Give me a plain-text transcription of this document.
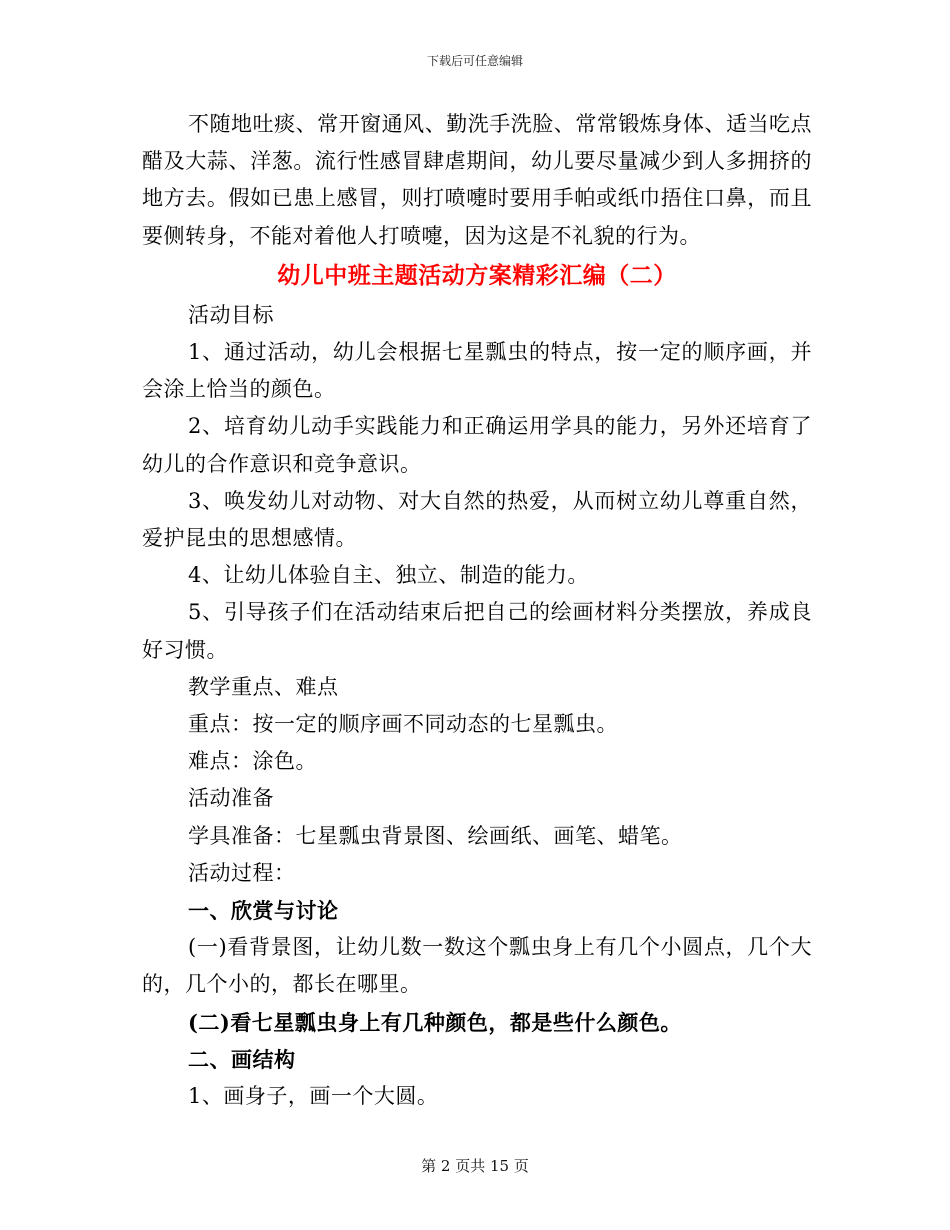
下载后可任意编辑

不随地吐痰、常开窗通风、勤洗手洗脸、常常锻炼身体、适当吃点醋及大蒜、洋葱。流行性感冒肆虐期间，幼儿要尽量减少到人多拥挤的地方去。假如已患上感冒，则打喷嚏时要用手帕或纸巾捂住口鼻，而且要侧转身，不能对着他人打喷嚏，因为这是不礼貌的行为。

幼儿中班主题活动方案精彩汇编（二）

活动目标

1、通过活动，幼儿会根据七星瓢虫的特点，按一定的顺序画，并会涂上恰当的颜色。

2、培育幼儿动手实践能力和正确运用学具的能力，另外还培育了幼儿的合作意识和竞争意识。

3、唤发幼儿对动物、对大自然的热爱，从而树立幼儿尊重自然，爱护昆虫的思想感情。

4、让幼儿体验自主、独立、制造的能力。

5、引导孩子们在活动结束后把自己的绘画材料分类摆放，养成良好习惯。

教学重点、难点

重点：按一定的顺序画不同动态的七星瓢虫。

难点：涂色。

活动准备

学具准备：七星瓢虫背景图、绘画纸、画笔、蜡笔。

活动过程：

一、欣赏与讨论

(一)看背景图，让幼儿数一数这个瓢虫身上有几个小圆点，几个大的，几个小的，都长在哪里。

(二)看七星瓢虫身上有几种颜色，都是些什么颜色。

二、画结构

1、画身子，画一个大圆。

第 2 页共 15 页
